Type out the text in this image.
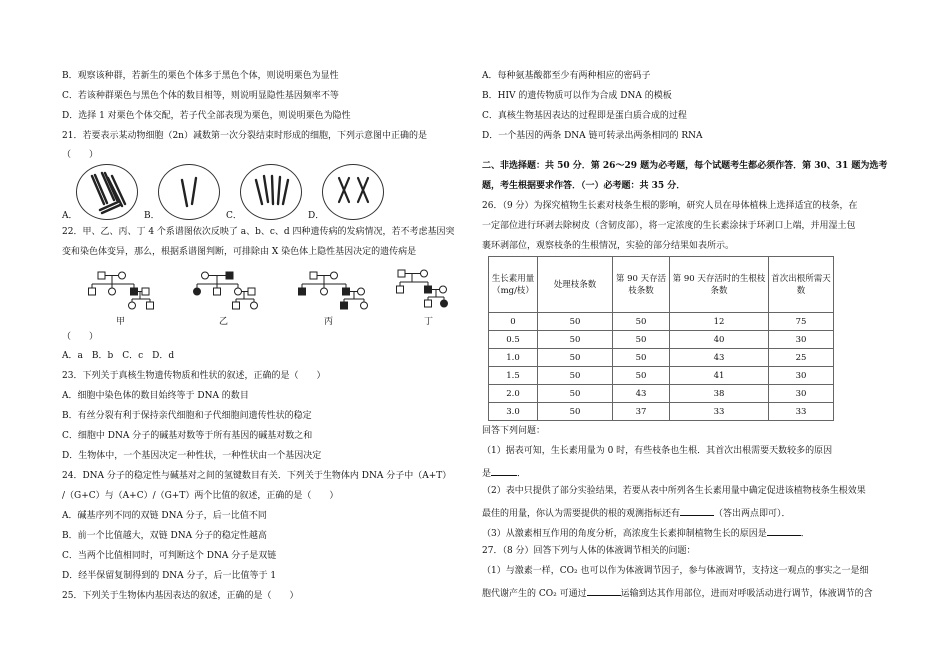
B．观察该种群，若新生的栗色个体多于黑色个体，则说明栗色为显性

C．若该种群栗色与黑色个体的数目相等，则说明显隐性基因频率不等

D．选择 1 对栗色个体交配，若子代全部表现为栗色，则说明栗色为隐性

21．若要表示某动物细胞（2n）减数第一次分裂结束时形成的细胞，下列示意图中正确的是

（　　）

A．	B．	C．	D．

22．甲、乙、丙、丁 4 个系谱图依次反映了 a、b、c、d 四种遗传病的发病情况，若不考虑基因突

变和染色体变异，那么，根据系谱图判断，可排除由 X 染色体上隐性基因决定的遗传病是

甲	乙	丙	丁

（　　）

A．a　B．b　C．c　D．d

23．下列关于真核生物遗传物质和性状的叙述，正确的是（　　）

A．细胞中染色体的数目始终等于 DNA 的数目

B．有丝分裂有利于保持亲代细胞和子代细胞间遗传性状的稳定

C．细胞中 DNA 分子的碱基对数等于所有基因的碱基对数之和

D．生物体中，一个基因决定一种性状，一种性状由一个基因决定

24．DNA 分子的稳定性与碱基对之间的氢键数目有关．下列关于生物体内 DNA 分子中（A+T）

/（G+C）与（A+C）/（G+T）两个比值的叙述，正确的是（　　）

A．碱基序列不同的双链 DNA 分子，后一比值不同

B．前一个比值越大，双链 DNA 分子的稳定性越高

C．当两个比值相同时，可判断这个 DNA 分子是双链

D．经半保留复制得到的 DNA 分子，后一比值等于 1

25．下列关于生物体内基因表达的叙述，正确的是（　　）

A．每种氨基酸都至少有两种相应的密码子

B．HIV 的遗传物质可以作为合成 DNA 的模板

C．真核生物基因表达的过程即是蛋白质合成的过程

D．一个基因的两条 DNA 链可转录出两条相同的 RNA

二、非选择题：共 50 分．第 26～29 题为必考题，每个试题考生都必须作答．第 30、31 题为选考

题，考生根据要求作答．（一）必考题：共 35 分．

26．（9 分）为探究植物生长素对枝条生根的影响，研究人员在母体植株上选择适宜的枝条，在

一定部位进行环剥去除树皮（含韧皮部），将一定浓度的生长素涂抹于环剥口上端，并用湿土包

裹环剥部位，观察枝条的生根情况，实验的部分结果如表所示。

生长素用量（mg/枝）	处理枝条数	第 90 天存活枝条数	第 90 天存活时的生根枝条数	首次出根所需天数
0	50	50	12	75
0.5	50	50	40	30
1.0	50	50	43	25
1.5	50	50	41	30
2.0	50	43	38	30
3.0	50	37	33	33

回答下列问题：

（1）据表可知，生长素用量为 0 时，有些枝条也生根．其首次出根需要天数较多的原因

是	．

（2）表中只提供了部分实验结果，若要从表中所列各生长素用量中确定促进该植物枝条生根效果

最佳的用量，你认为需要提供的根的观测指标还有	（答出两点即可）．

（3）从激素相互作用的角度分析，高浓度生长素抑制植物生长的原因是	．

27．（8 分）回答下列与人体的体液调节相关的问题：

（1）与激素一样，CO₂ 也可以作为体液调节因子，参与体液调节，支持这一观点的事实之一是细

胞代谢产生的 CO₂ 可通过	运输到达其作用部位，进而对呼吸活动进行调节，体液调节的含
